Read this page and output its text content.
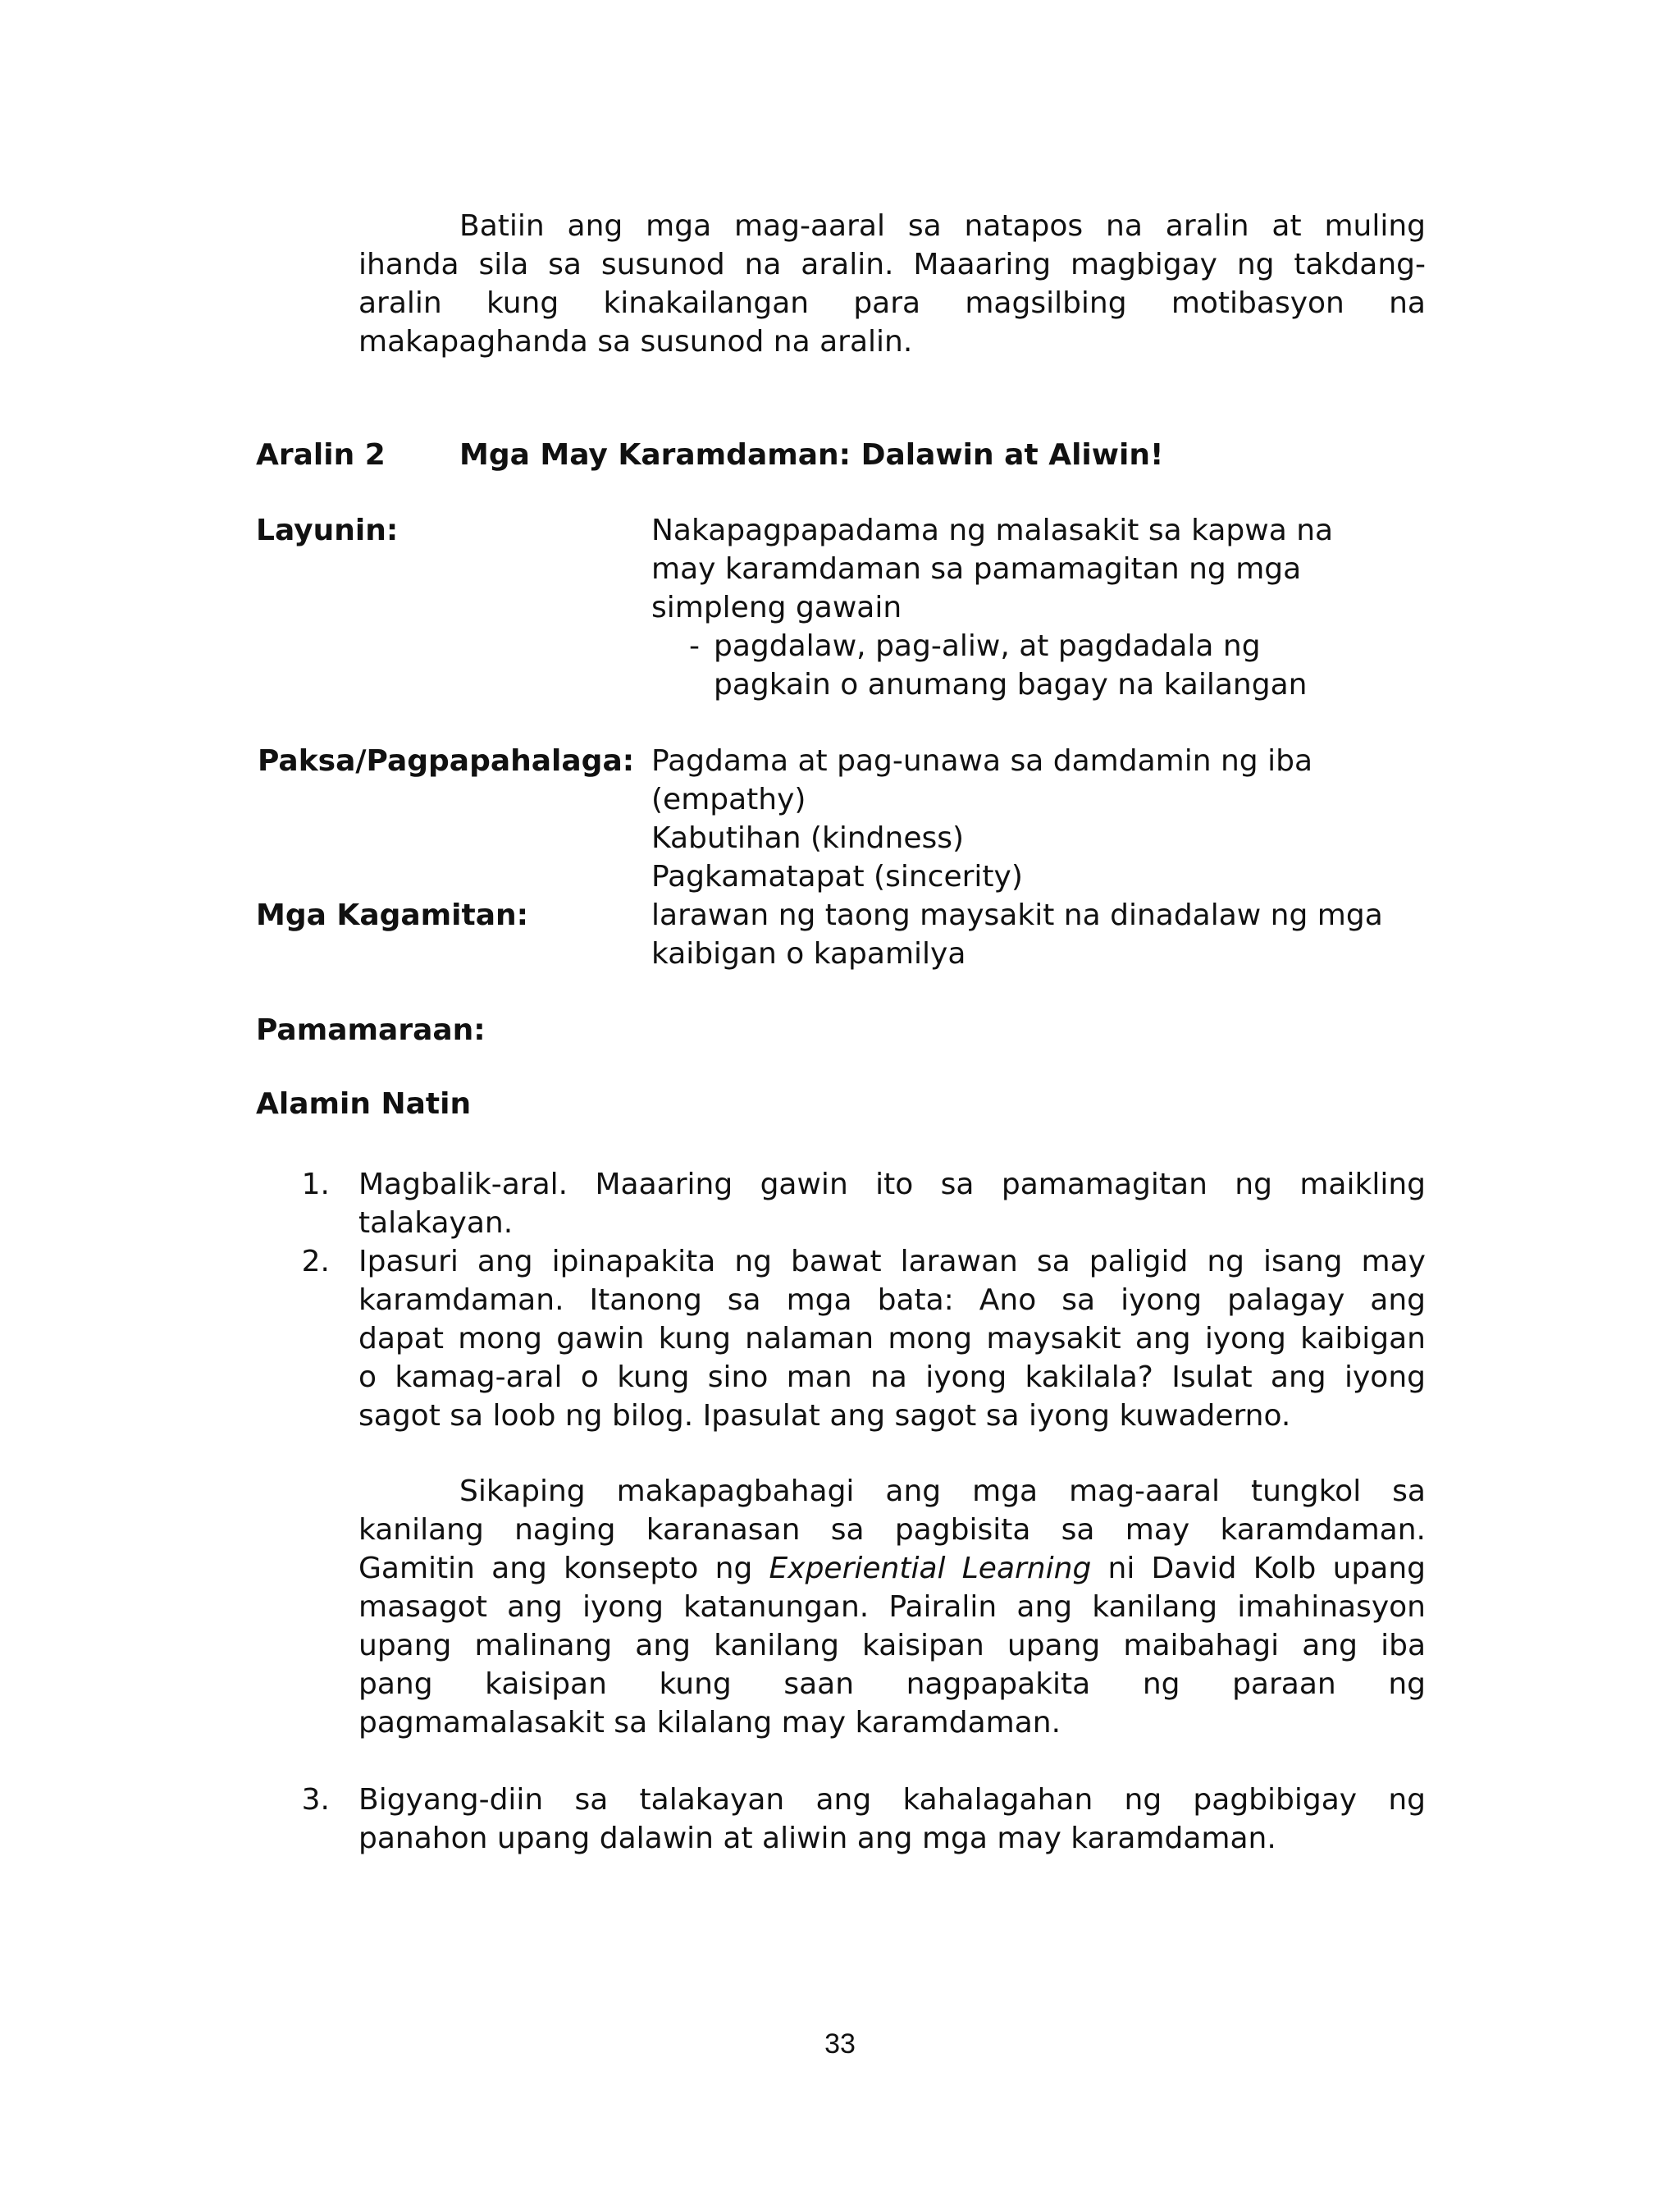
Batiin ang mga mag-aaral sa natapos na aralin at muling
ihanda sila sa susunod na aralin. Maaaring magbigay ng takdang-
aralin kung kinakailangan para magsilbing motibasyon na
makapaghanda sa susunod na aralin.
Aralin 2	Mga May Karamdaman: Dalawin at Aliwin!
Layunin:	Nakapagpapadama ng malasakit sa kapwa na
may karamdaman sa pamamagitan ng mga
simpleng gawain
- pagdalaw, pag-aliw, at pagdadala ng
pagkain o anumang bagay na kailangan
Paksa/Pagpapahalaga: Pagdama at pag-unawa sa damdamin ng iba
(empathy)
Kabutihan (kindness)
Pagkamatapat (sincerity)
Mga Kagamitan:	larawan ng taong maysakit na dinadalaw ng mga
kaibigan o kapamilya
Pamamaraan:
Alamin Natin
1. Magbalik-aral. Maaaring gawin ito sa pamamagitan ng maikling
talakayan.
2. Ipasuri ang ipinapakita ng bawat larawan sa paligid ng isang may
karamdaman. Itanong sa mga bata: Ano sa iyong palagay ang
dapat mong gawin kung nalaman mong maysakit ang iyong kaibigan
o kamag-aral o kung sino man na iyong kakilala? Isulat ang iyong
sagot sa loob ng bilog. Ipasulat ang sagot sa iyong kuwaderno.
Sikaping makapagbahagi ang mga mag-aaral tungkol sa
kanilang naging karanasan sa pagbisita sa may karamdaman.
Gamitin ang konsepto ng Experiential Learning ni David Kolb upang
masagot ang iyong katanungan. Pairalin ang kanilang imahinasyon
upang malinang ang kanilang kaisipan upang maibahagi ang iba
pang kaisipan kung saan nagpapakita ng paraan ng
pagmamalasakit sa kilalang may karamdaman.
3. Bigyang-diin sa talakayan ang kahalagahan ng pagbibigay ng
panahon upang dalawin at aliwin ang mga may karamdaman.
33
